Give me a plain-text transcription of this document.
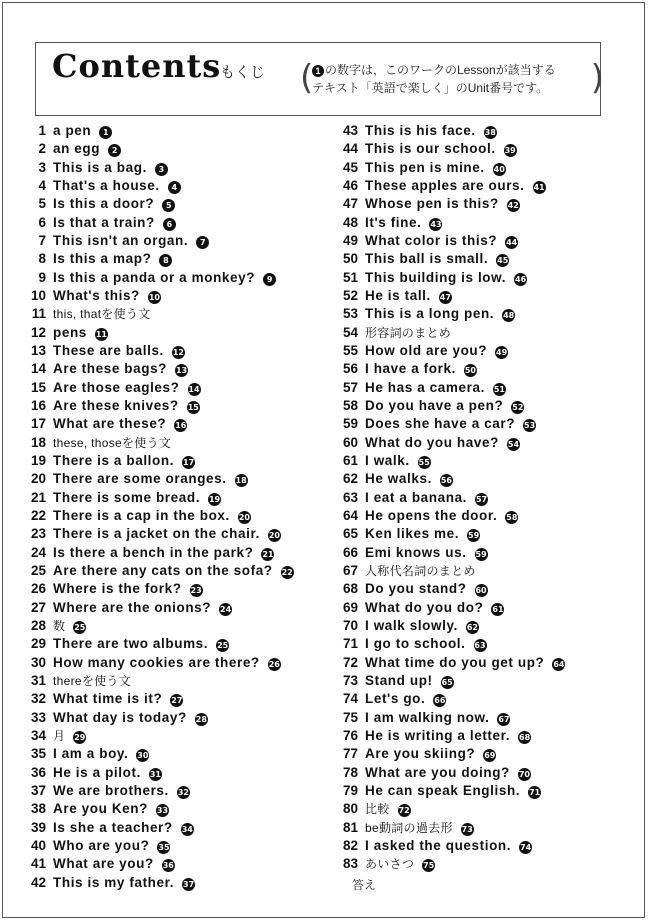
Contents
もくじ
(	1 の数字は，このワークのLessonが該当する
テキスト「英語で楽しく」のUnit番号です。
)
1 a pen 1
2 an egg 2
3 This is a bag. 3
4 That's a house. 4
5 Is this a door? 5
6 Is that a train? 6
7 This isn't an organ. 7
8 Is this a map? 8
9 Is this a panda or a monkey? 9
10 What's this? 10
11 this, thatを使う文
12 pens 11
13 These are balls. 12
14 Are these bags? 13
15 Are those eagles? 14
16 Are these knives? 15
17 What are these? 16
18 these, thoseを使う文
19 There is a ballon. 17
20 There are some oranges. 18
21 There is some bread. 19
22 There is a cap in the box. 20
23 There is a jacket on the chair. 20
24 Is there a bench in the park? 21
25 Are there any cats on the sofa? 22
26 Where is the fork? 23
27 Where are the onions? 24
28 数 25
29 There are two albums. 25
30 How many cookies are there? 26
31 thereを使う文
32 What time is it? 27
33 What day is today? 28
34 月 29
35 I am a boy. 30
36 He is a pilot. 31
37 We are brothers. 32
38 Are you Ken? 33
39 Is she a teacher? 34
40 Who are you? 35
41 What are you? 36
42 This is my father. 37
43 This is his face. 38
44 This is our school. 39
45 This pen is mine. 40
46 These apples are ours. 41
47 Whose pen is this? 42
48 It's fine. 43
49 What color is this? 44
50 This ball is small. 45
51 This building is low. 46
52 He is tall. 47
53 This is a long pen. 48
54 形容詞のまとめ
55 How old are you? 49
56 I have a fork. 50
57 He has a camera. 51
58 Do you have a pen? 52
59 Does she have a car? 53
60 What do you have? 54
61 I walk. 55
62 He walks. 56
63 I eat a banana. 57
64 He opens the door. 58
65 Ken likes me. 59
66 Emi knows us. 59
67 人称代名詞のまとめ
68 Do you stand? 60
69 What do you do? 61
70 I walk slowly. 62
71 I go to school. 63
72 What time do you get up? 64
73 Stand up! 65
74 Let's go. 66
75 I am walking now. 67
76 He is writing a letter. 68
77 Are you skiing? 69
78 What are you doing? 70
79 He can speak English. 71
80 比較 72
81 be動詞の過去形 73
82 I asked the question. 74
83 あいさつ 75
答え
